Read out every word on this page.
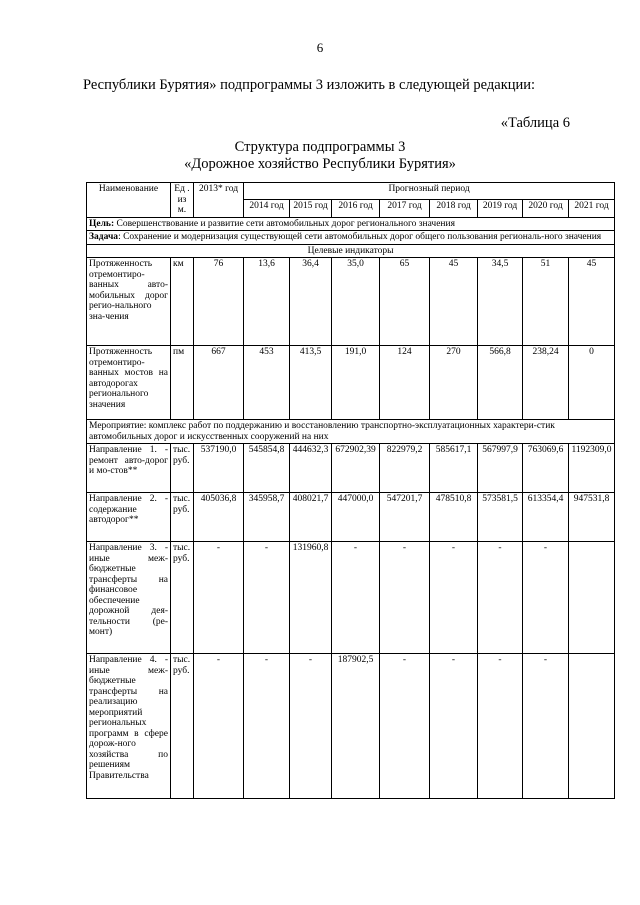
6
Республики Бурятия» подпрограммы 3 изложить в следующей редакции:
«Таблица 6
Структура подпрограммы 3
«Дорожное хозяйство Республики Бурятия»
Наименование	Ед . из м.	2013* год	Прогнозный период							
			2014 год	2015 год	2016 год	2017 год	2018 год	2019 год	2020 год	2021 год
Цель: Совершенствование и развитие сети автомобильных дорог регионального значения										
Задача: Сохранение и модернизация существующей сети автомобильных дорог общего пользования региональ-ного значения										
Целевые индикаторы										
Протяженность отремонтиро-ванных авто-мобильных дорог регио-нального зна-чения	км	76	13,6	36,4	35,0	65	45	34,5	51	45
Протяженность отремонтиро-ванных мостов на автодорогах регионального значения	пм	667	453	413,5	191,0	124	270	566,8	238,24	0
Мероприятие: комплекс работ по поддержанию и восстановлению транспортно-эксплуатационных характери-стик автомобильных дорог и искусственных сооружений на них										
Направление 1. - ремонт авто-дорог и мо-стов**	тыс. руб.	537190,0	545854,8	444632,3	672902,39	822979,2	585617,1	567997,9	763069,6	1192309,0
Направление 2. - содержание автодорог**	тыс. руб.	405036,8	345958,7	408021,7	447000,0	547201,7	478510,8	573581,5	613354,4	947531,8
Направление 3. - иные меж-бюджетные трансферты на финансовое обеспечение дорожной дея-тельности (ре-монт)	тыс. руб.	-	-	131960,8	-	-	-	-	-	
Направление 4. - иные меж-бюджетные трансферты на реализацию мероприятий региональных программ в сфере дорож-ного хозяйства по решениям Правительства	тыс. руб.	-	-	-	187902,5	-	-	-	-	
